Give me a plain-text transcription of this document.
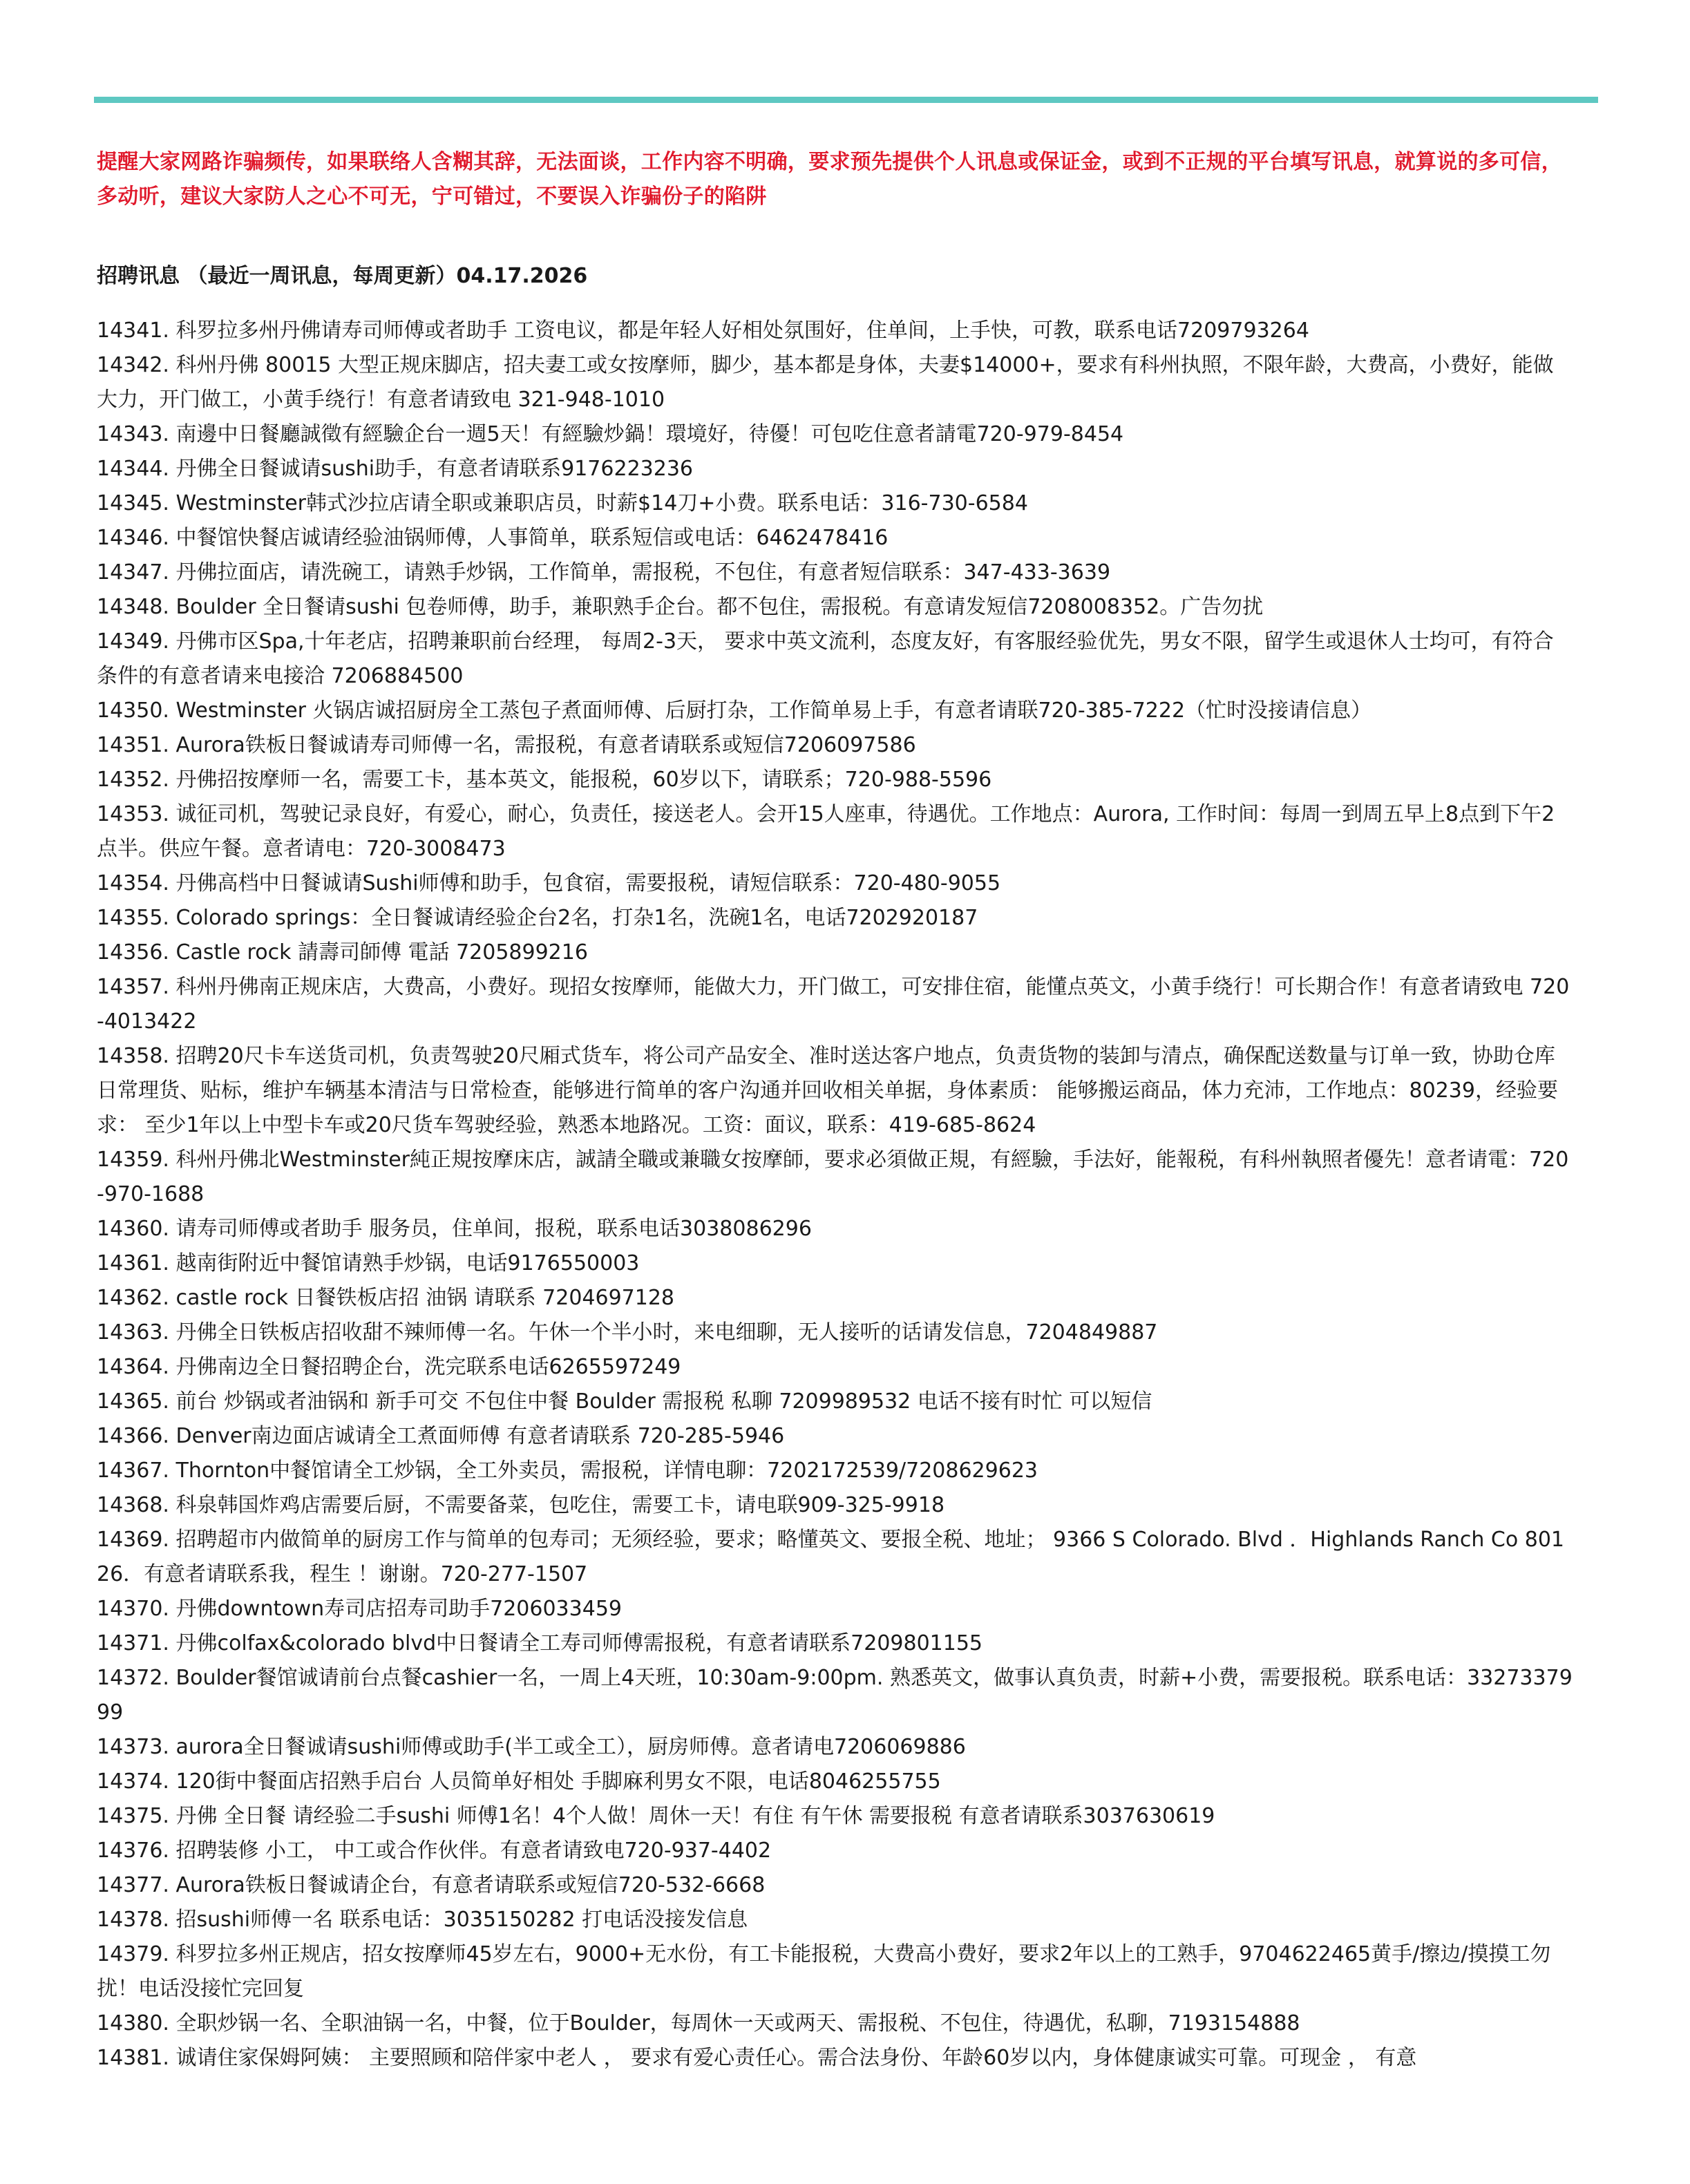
提醒大家网路诈骗频传，如果联络人含糊其辞，无法面谈，工作内容不明确，要求预先提供个人讯息或保证金，或到不正规的平台填写讯息，就算说的多可信，多动听，建议大家防人之心不可无，宁可错过，不要误入诈骗份子的陷阱

招聘讯息 （最近一周讯息，每周更新）04.17.2026
14341. 科罗拉多州丹佛请寿司师傅或者助手 工资电议，都是年轻人好相处氛围好，住单间，上手快，可教，联系电话7209793264
14342. 科州丹佛 80015 大型正规床脚店，招夫妻工或女按摩师，脚少，基本都是身体，夫妻$14000+，要求有科州执照，不限年龄，大费高，小费好，能做大力，开门做工，小黄手绕行！有意者请致电 321-948-1010
14343. 南邊中日餐廳誠徵有經驗企台一週5天！有經驗炒鍋！環境好，待優！可包吃住意者請電720-979-8454
14344. 丹佛全日餐诚请sushi助手，有意者请联系9176223236
14345. Westminster韩式沙拉店请全职或兼职店员，时薪$14刀+小费。联系电话：316-730-6584
14346. 中餐馆快餐店诚请经验油锅师傅，人事简单，联系短信或电话：6462478416
14347. 丹佛拉面店，请洗碗工，请熟手炒锅，工作简单，需报税，不包住，有意者短信联系：347-433-3639
14348. Boulder 全日餐请sushi 包卷师傅，助手，兼职熟手企台。都不包住，需报税。有意请发短信7208008352。广告勿扰
14349. 丹佛市区Spa,十年老店，招聘兼职前台经理， 每周2-3天， 要求中英文流利，态度友好，有客服经验优先，男女不限，留学生或退休人士均可，有符合条件的有意者请来电接洽 7206884500
14350. Westminster 火锅店诚招厨房全工蒸包子煮面师傅、后厨打杂，工作简单易上手，有意者请联720-385-7222（忙时没接请信息）
14351. Aurora铁板日餐诚请寿司师傅一名，需报税，有意者请联系或短信7206097586
14352. 丹佛招按摩师一名，需要工卡，基本英文，能报税，60岁以下，请联系；720-988-5596
14353. 诚征司机，驾驶记录良好，有爱心，耐心，负责任，接送老人。会开15人座車，待遇优。工作地点：Aurora, 工作时间：每周一到周五早上8点到下午2点半。供应午餐。意者请电：720-3008473
14354. 丹佛高档中日餐诚请Sushi师傅和助手，包食宿，需要报税，请短信联系：720-480-9055
14355. Colorado springs：全日餐诚请经验企台2名，打杂1名，洗碗1名，电话7202920187
14356. Castle rock 請壽司師傅 電話 7205899216
14357. 科州丹佛南正规床店，大费高，小费好。现招女按摩师，能做大力，开门做工，可安排住宿，能懂点英文，小黄手绕行！可长期合作！有意者请致电 720-4013422
14358. 招聘20尺卡车送货司机，负责驾驶20尺厢式货车，将公司产品安全、准时送达客户地点，负责货物的装卸与清点，确保配送数量与订单一致，协助仓库日常理货、贴标，维护车辆基本清洁与日常检查，能够进行简单的客户沟通并回收相关单据，身体素质： 能够搬运商品，体力充沛，工作地点：80239，经验要求： 至少1年以上中型卡车或20尺货车驾驶经验，熟悉本地路况。工资：面议，联系：419-685-8624
14359. 科州丹佛北Westminster純正規按摩床店，誠請全職或兼職女按摩師，要求必須做正規，有經驗，手法好，能報税，有科州執照者優先！意者请電：720-970-1688
14360. 请寿司师傅或者助手 服务员，住单间，报税，联系电话3038086296
14361. 越南街附近中餐馆请熟手炒锅，电话9176550003
14362. castle rock 日餐铁板店招 油锅 请联系 7204697128
14363. 丹佛全日铁板店招收甜不辣师傅一名。午休一个半小时，来电细聊，无人接听的话请发信息，7204849887
14364. 丹佛南边全日餐招聘企台，洗完联系电话6265597249
14365. 前台 炒锅或者油锅和 新手可交 不包住中餐 Boulder 需报税 私聊 7209989532 电话不接有时忙 可以短信
14366. Denver南边面店诚请全工煮面师傅 有意者请联系 720-285-5946
14367. Thornton中餐馆请全工炒锅，全工外卖员，需报税，详情电聊：7202172539/7208629623
14368. 科泉韩国炸鸡店需要后厨，不需要备菜，包吃住，需要工卡，请电联909-325-9918
14369. 招聘超市内做简单的厨房工作与简单的包寿司；无须经验，要求；略懂英文、要报全税、地址； 9366 S Colorado. Blvd ．Highlands Ranch Co 80126．有意者请联系我，程生 ！谢谢。720-277-1507
14370. 丹佛downtown寿司店招寿司助手7206033459
14371. 丹佛colfax&colorado blvd中日餐请全工寿司师傅需报税，有意者请联系7209801155
14372. Boulder餐馆诚请前台点餐cashier一名，一周上4天班，10:30am-9:00pm. 熟悉英文，做事认真负责，时薪+小费，需要报税。联系电话：3327337999
14373. aurora全日餐诚请sushi师傅或助手(半工或全工），厨房师傅。意者请电7206069886
14374. 120街中餐面店招熟手启台 人员简单好相处 手脚麻利男女不限，电话8046255755
14375. 丹佛 全日餐 请经验二手sushi 师傅1名！4个人做！周休一天！有住 有午休 需要报税 有意者请联系3037630619
14376. 招聘装修 小工， 中工或合作伙伴。有意者请致电720-937-4402
14377. Aurora铁板日餐诚请企台，有意者请联系或短信720-532-6668
14378. 招sushi师傅一名 联系电话：3035150282 打电话没接发信息
14379. 科罗拉多州正规店，招女按摩师45岁左右，9000+无水份，有工卡能报税，大费高小费好，要求2年以上的工熟手，9704622465黄手/擦边/摸摸工勿扰！电话没接忙完回复
14380. 全职炒锅一名、全职油锅一名，中餐，位于Boulder，每周休一天或两天、需报税、不包住，待遇优，私聊，7193154888
14381. 诚请住家保姆阿姨： 主要照顾和陪伴家中老人 ， 要求有爱心责任心。需合法身份、年龄60岁以内，身体健康诚实可靠。可现金 ， 有意
